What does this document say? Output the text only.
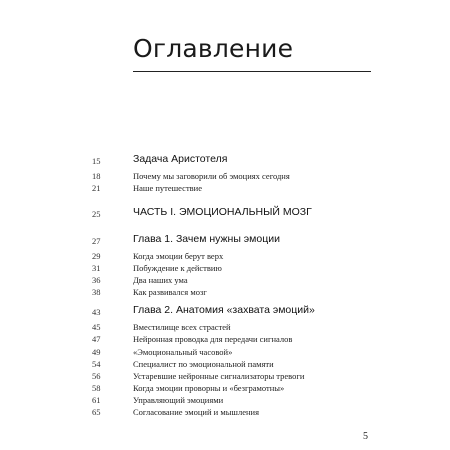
Оглавление
15	Задача Аристотеля
18	Почему мы заговорили об эмоциях сегодня
21	Наше путешествие
25	ЧАСТЬ I. ЭМОЦИОНАЛЬНЫЙ МОЗГ
27	Глава 1. Зачем нужны эмоции
29	Когда эмоции берут верх
31	Побуждение к действию
36	Два наших ума
38	Как развивался мозг
43	Глава 2. Анатомия «захвата эмоций»
45	Вместилище всех страстей
47	Нейронная проводка для передачи сигналов
49	«Эмоциональный часовой»
54	Специалист по эмоциональной памяти
56	Устаревшие нейронные сигнализаторы тревоги
58	Когда эмоции проворны и «безграмотны»
61	Управляющий эмоциями
65	Согласование эмоций и мышления
5
